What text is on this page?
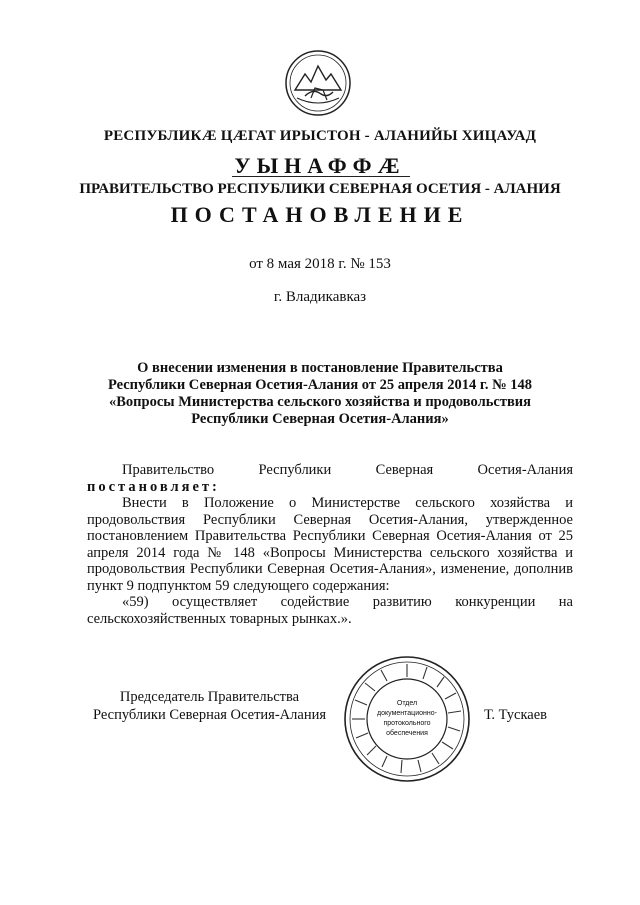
РЕСПУБЛИКÆ ЦÆГАТ ИРЫСТОН - АЛАНИЙЫ ХИЦАУАД
УЫНАФФÆ
ПРАВИТЕЛЬСТВО РЕСПУБЛИКИ СЕВЕРНАЯ ОСЕТИЯ - АЛАНИЯ
ПОСТАНОВЛЕНИЕ
от 8 мая 2018 г. № 153
г. Владикавказ
О внесении изменения в постановление Правительства
Республики Северная Осетия-Алания от 25 апреля 2014 г. № 148
«Вопросы Министерства сельского хозяйства и продовольствия
Республики Северная Осетия-Алания»
Правительство	Республики	Северная	Осетия-Алания

постановляет:

Внести в Положение о Министерстве сельского хозяйства и продовольствия Республики Северная Осетия-Алания, утвержденное постановлением Правительства Республики Северная Осетия-Алания от 25 апреля 2014 года № 148 «Вопросы Министерства сельского хозяйства и продовольствия Республики Северная Осетия-Алания», изменение, дополнив пункт 9 подпунктом 59 следующего содержания:

«59) осуществляет содействие развитию конкуренции на сельскохозяйственных товарных рынках.».

Председатель Правительства
Республики Северная Осетия-Алания
Отдел
документационно-
протокольного
обеспечения
Т. Тускаев
